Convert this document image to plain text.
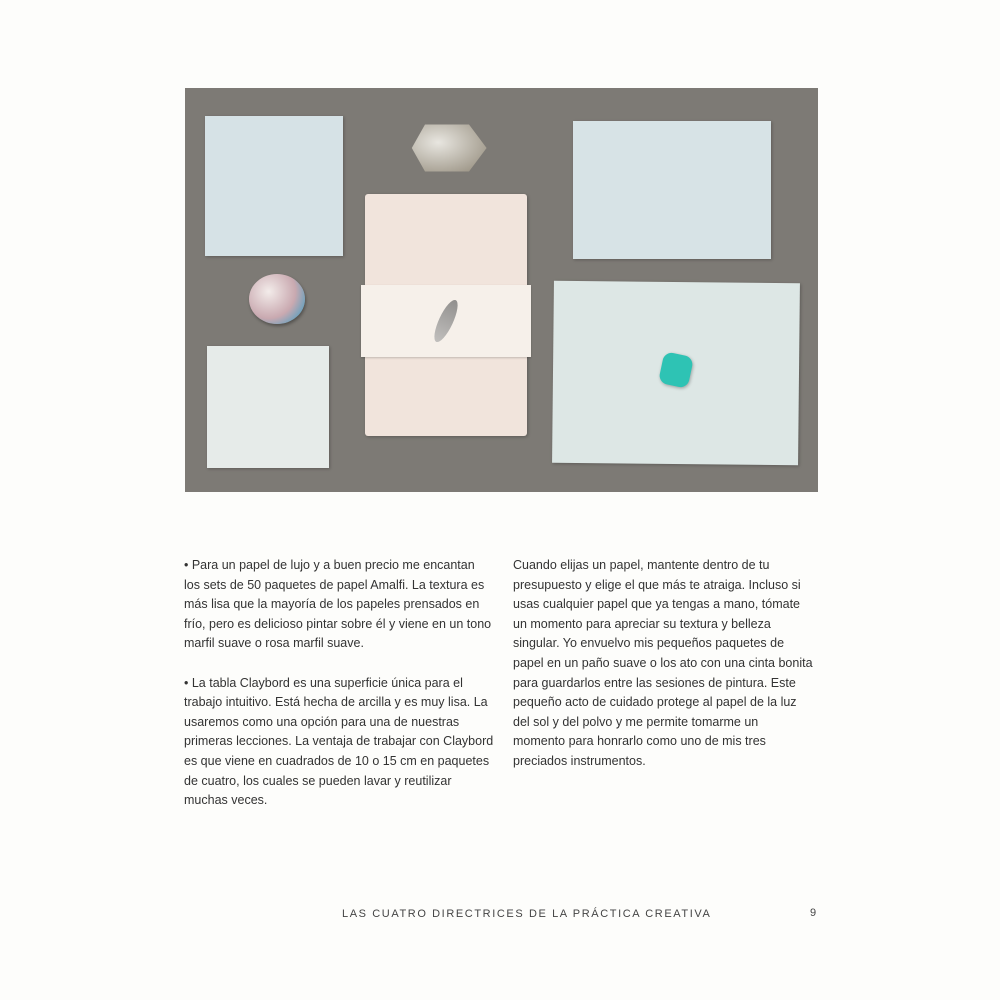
• Para un papel de lujo y a buen precio me encantan los sets de 50 paquetes de papel Amalfi. La textura es más lisa que la mayoría de los papeles prensados en frío, pero es delicioso pintar sobre él y viene en un tono marfil suave o rosa marfil suave.

• La tabla Claybord es una superficie única para el trabajo intuitivo. Está hecha de arcilla y es muy lisa. La usaremos como una opción para una de nuestras primeras lecciones. La ventaja de trabajar con Claybord es que viene en cuadrados de 10 o 15 cm en paquetes de cuatro, los cuales se pueden lavar y reutilizar muchas veces.

Cuando elijas un papel, mantente dentro de tu presupuesto y elige el que más te atraiga. Incluso si usas cualquier papel que ya tengas a mano, tómate un momento para apreciar su textura y belleza singular. Yo envuelvo mis pequeños paquetes de papel en un paño suave o los ato con una cinta bonita para guardarlos entre las sesiones de pintura. Este pequeño acto de cuidado protege al papel de la luz del sol y del polvo y me permite tomarme un momento para honrarlo como uno de mis tres preciados instrumentos.

LAS CUATRO DIRECTRICES DE LA PRÁCTICA CREATIVA	9
